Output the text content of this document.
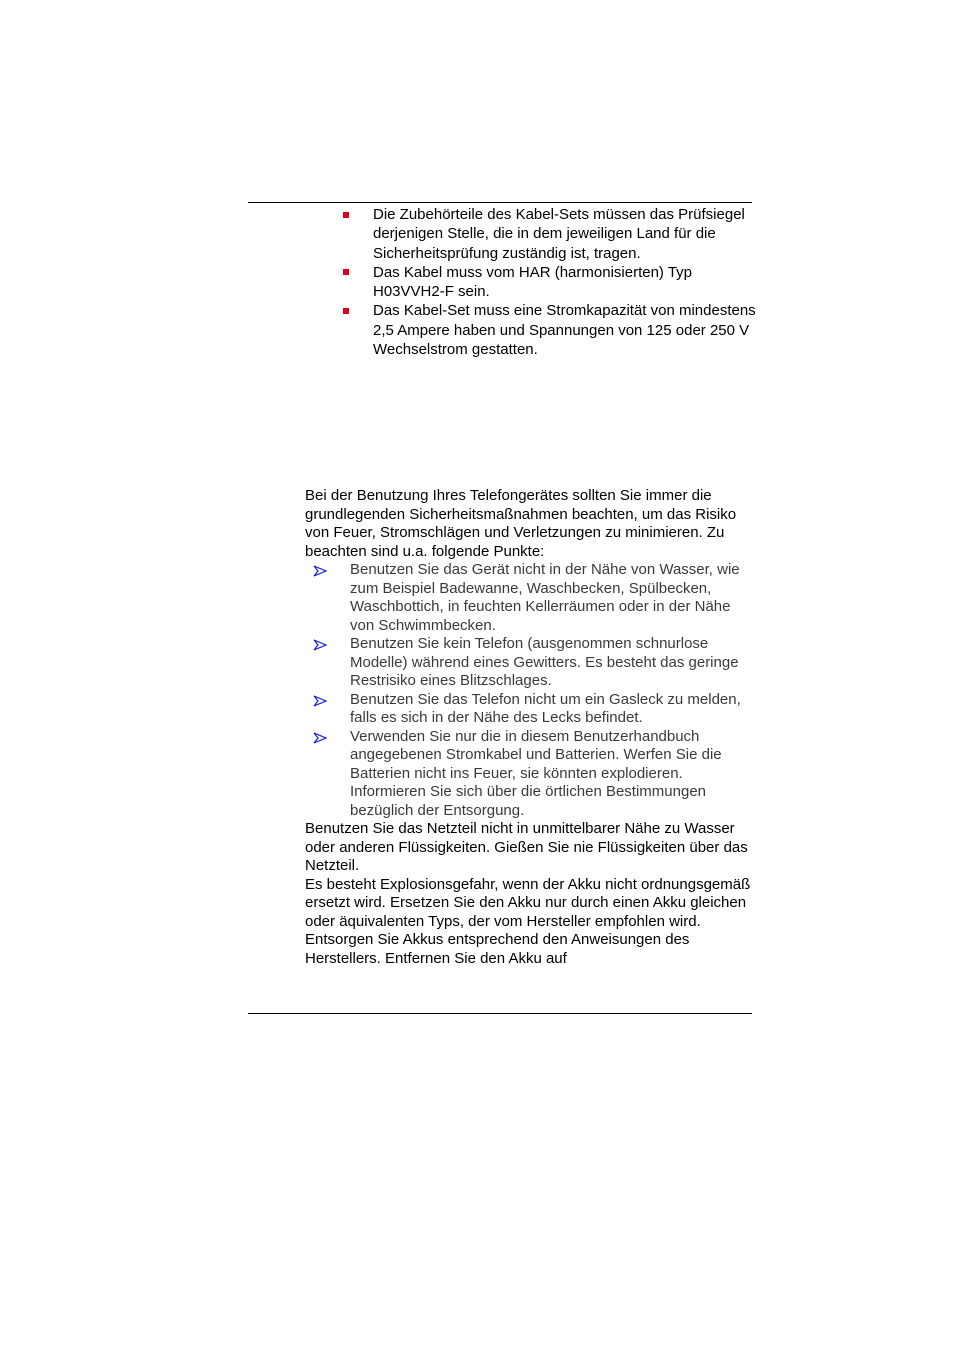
Die Zubehörteile des Kabel-Sets müssen das Prüfsiegel derjenigen Stelle, die in dem jeweiligen Land für die Sicherheitsprüfung zuständig ist, tragen.
Das Kabel muss vom HAR (harmonisierten) Typ H03VVH2-F sein.
Das Kabel-Set muss eine Stromkapazität von mindestens 2,5 Ampere haben und Spannungen von 125 oder 250 V Wechselstrom gestatten.

Bei der Benutzung Ihres Telefongerätes sollten Sie immer die grundlegenden Sicherheitsmaßnahmen beachten, um das Risiko von Feuer, Stromschlägen und Verletzungen zu minimieren. Zu beachten sind u.a. folgende Punkte:

Benutzen Sie das Gerät nicht in der Nähe von Wasser, wie zum Beispiel Badewanne, Waschbecken, Spülbecken, Waschbottich, in feuchten Kellerräumen oder in der Nähe von Schwimmbecken.
Benutzen Sie kein Telefon (ausgenommen schnurlose Modelle) während eines Gewitters. Es besteht das geringe Restrisiko eines Blitzschlages.
Benutzen Sie das Telefon nicht um ein Gasleck zu melden, falls es sich in der Nähe des Lecks befindet.
Verwenden Sie nur die in diesem Benutzerhandbuch angegebenen Stromkabel und Batterien. Werfen Sie die Batterien nicht ins Feuer, sie könnten explodieren. Informieren Sie sich über die örtlichen Bestimmungen bezüglich der Entsorgung.

Benutzen Sie das Netzteil nicht in unmittelbarer Nähe zu Wasser oder anderen Flüssigkeiten. Gießen Sie nie Flüssigkeiten über das Netzteil.

Es besteht Explosionsgefahr, wenn der Akku nicht ordnungsgemäß ersetzt wird. Ersetzen Sie den Akku nur durch einen Akku gleichen oder äquivalenten Typs, der vom Hersteller empfohlen wird. Entsorgen Sie Akkus entsprechend den Anweisungen des Herstellers. Entfernen Sie den Akku auf
